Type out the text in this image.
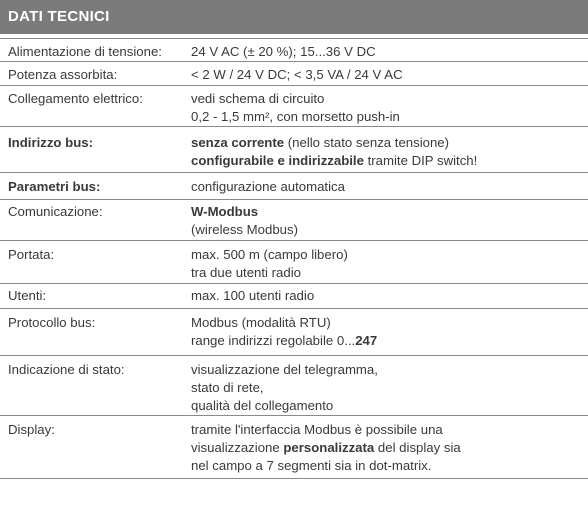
DATI TECNICI
Alimentazione di tensione: 24 V AC (± 20 %); 15...36 V DC
Potenza assorbita:	< 2 W / 24 V DC; < 3,5 VA / 24 V AC
Collegamento elettrico:	vedi schema di circuito
0,2 - 1,5 mm², con morsetto push-in
Indirizzo bus:	senza corrente (nello stato senza tensione)
configurabile e indirizzabile tramite DIP switch!
Parametri bus:	configurazione automatica
Comunicazione:	W-Modbus
(wireless Modbus)
Portata:	max. 500 m (campo libero)
tra due utenti radio
Utenti:	max. 100 utenti radio
Protocollo bus:	Modbus (modalità RTU)
range indirizzi regolabile 0...247
Indicazione di stato:	visualizzazione del telegramma,
stato di rete,
qualità del collegamento
Display:	tramite l'interfaccia Modbus è possibile una
visualizzazione personalizzata del display sia
nel campo a 7 segmenti sia in dot-matrix.
